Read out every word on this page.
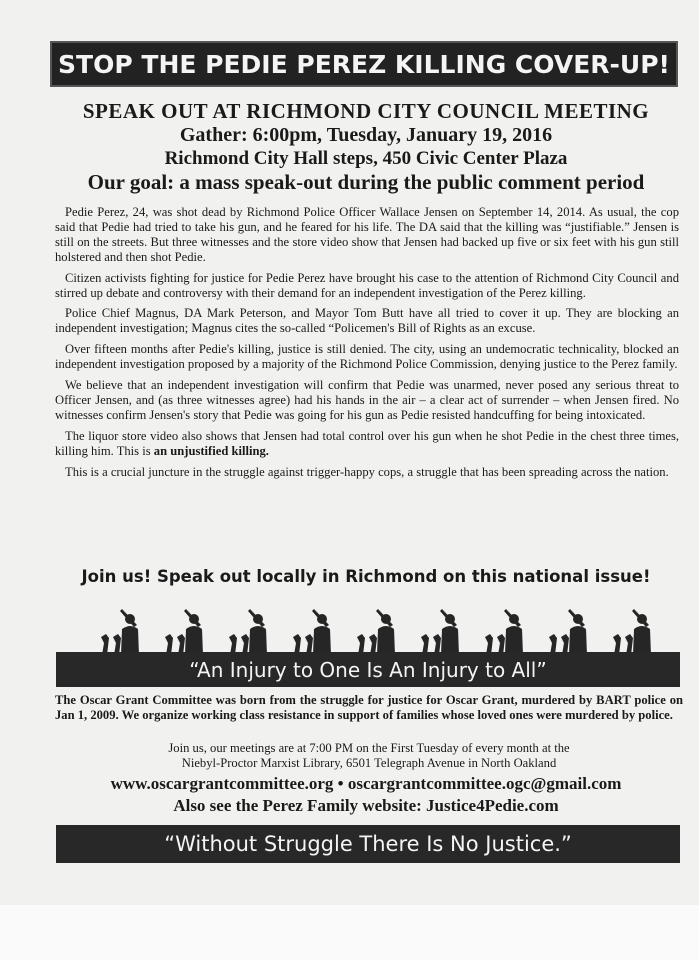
STOP THE PEDIE PEREZ KILLING COVER-UP!
SPEAK OUT AT RICHMOND CITY COUNCIL MEETING
Gather: 6:00pm, Tuesday, January 19, 2016
Richmond City Hall steps, 450 Civic Center Plaza
Our goal: a mass speak-out during the public comment period

Pedie Perez, 24, was shot dead by Richmond Police Officer Wallace Jensen on September 14, 2014. As usual, the cop said that Pedie had tried to take his gun, and he feared for his life. The DA said that the killing was “justifiable.” Jensen is still on the streets. But three witnesses and the store video show that Jensen had backed up five or six feet with his gun still holstered and then shot Pedie.

Citizen activists fighting for justice for Pedie Perez have brought his case to the attention of Richmond City Council and stirred up debate and controversy with their demand for an independent investigation of the Perez killing.

Police Chief Magnus, DA Mark Peterson, and Mayor Tom Butt have all tried to cover it up. They are blocking an independent investigation; Magnus cites the so-called “Policemen's Bill of Rights as an excuse.

Over fifteen months after Pedie's killing, justice is still denied. The city, using an undemocratic technicality, blocked an independent investigation proposed by a majority of the Richmond Police Commission, denying justice to the Perez family.

We believe that an independent investigation will confirm that Pedie was unarmed, never posed any serious threat to Officer Jensen, and (as three witnesses agree) had his hands in the air – a clear act of surrender – when Jensen fired. No witnesses confirm Jensen's story that Pedie was going for his gun as Pedie resisted handcuffing for being intoxicated.

The liquor store video also shows that Jensen had total control over his gun when he shot Pedie in the chest three times, killing him. This is an unjustified killing.

This is a crucial juncture in the struggle against trigger-happy cops, a struggle that has been spreading across the nation.

Join us! Speak out locally in Richmond on this national issue!
“An Injury to One Is An Injury to All”
The Oscar Grant Committee was born from the struggle for justice for Oscar Grant, murdered by BART police on Jan 1, 2009. We organize working class resistance in support of families whose loved ones were murdered by police.
Join us, our meetings are at 7:00 PM on the First Tuesday of every month at the
Niebyl-Proctor Marxist Library, 6501 Telegraph Avenue in North Oakland
www.oscargrantcommittee.org • oscargrantcommittee.ogc@gmail.com
Also see the Perez Family website: Justice4Pedie.com
“Without Struggle There Is No Justice.”
